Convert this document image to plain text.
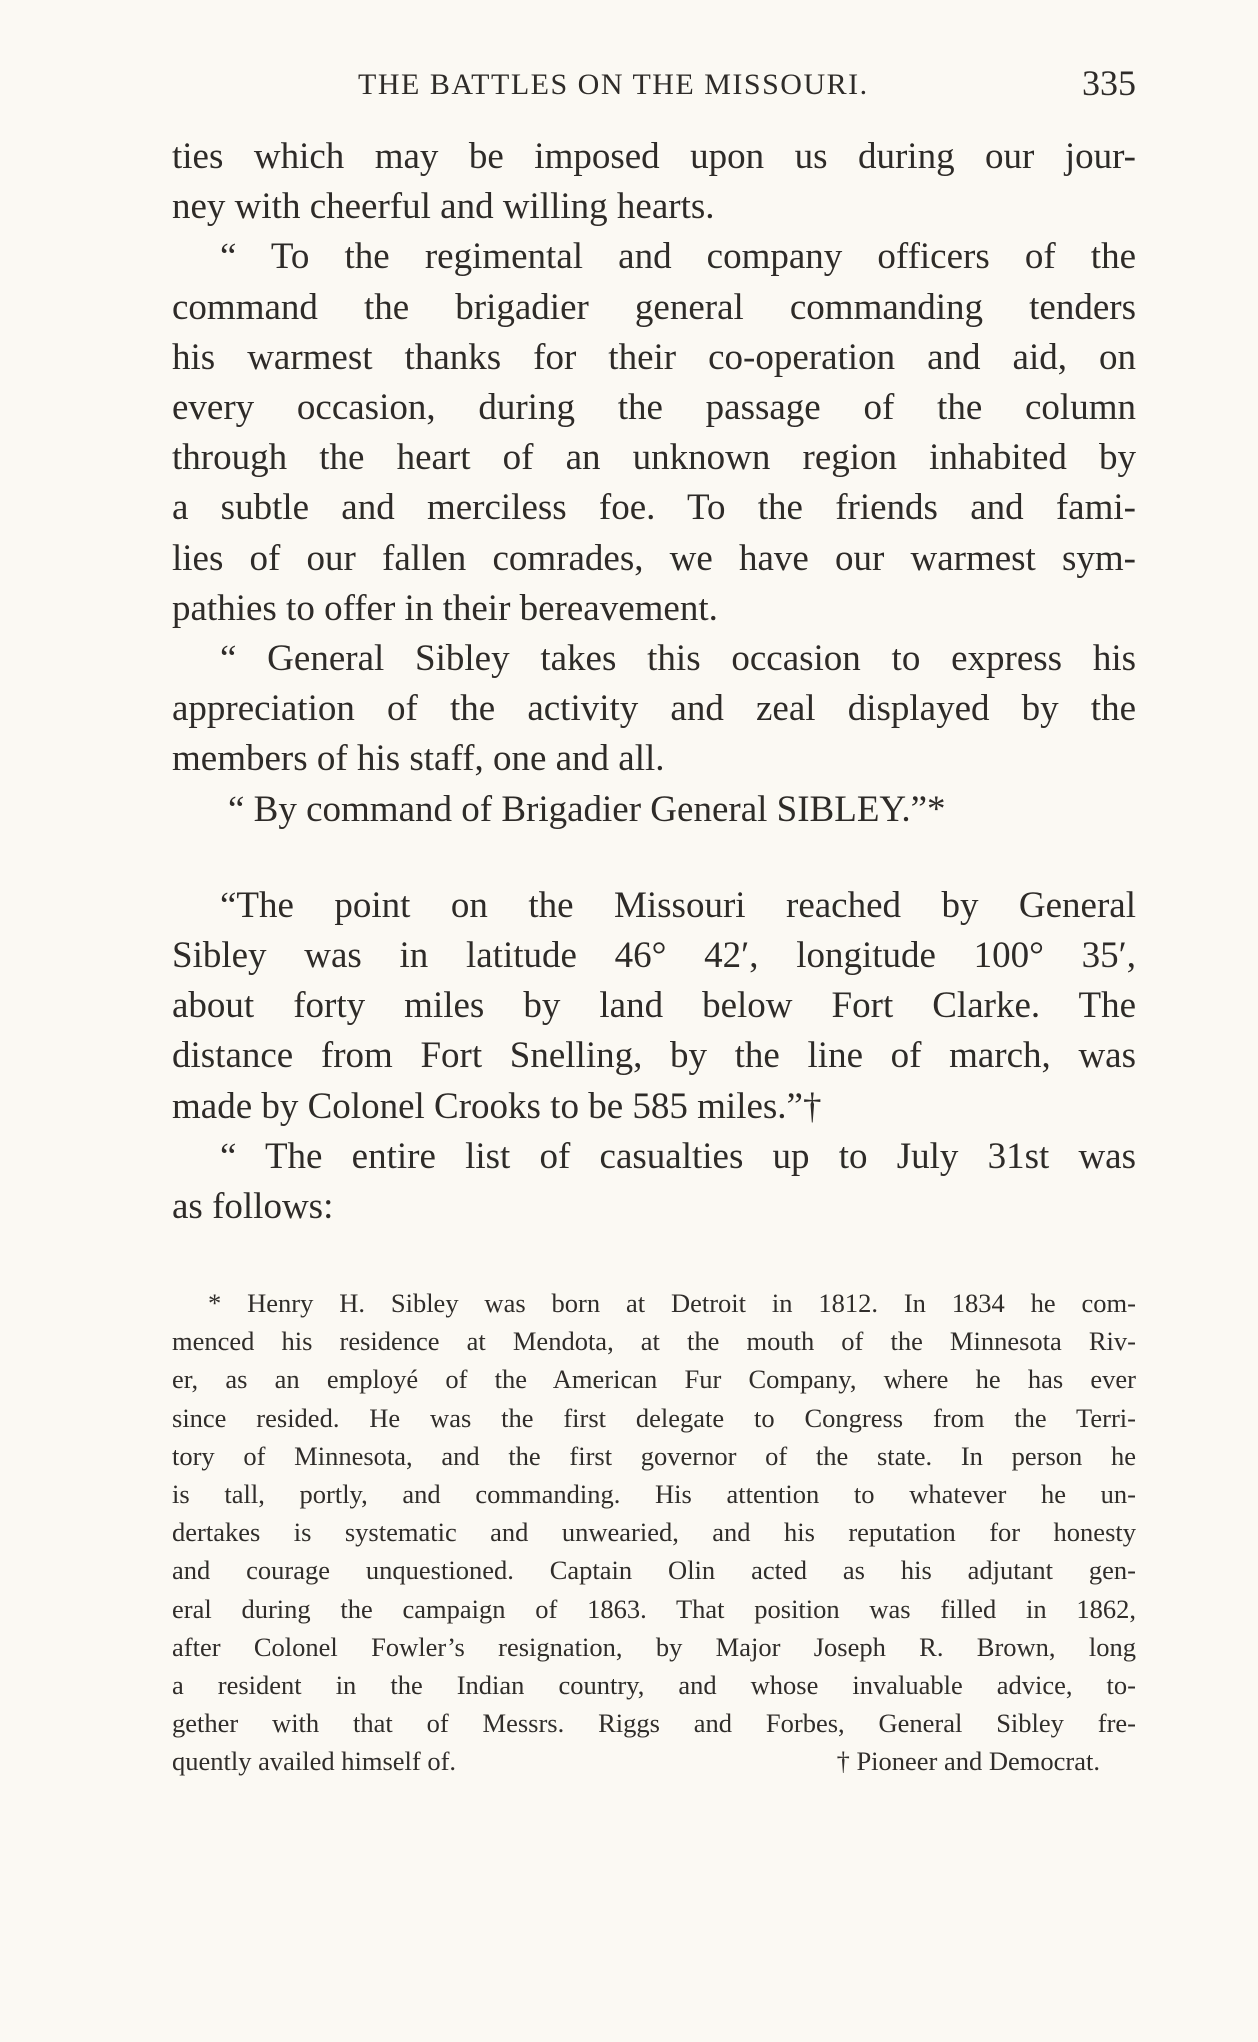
THE BATTLES ON THE MISSOURI.	335
ties which may be imposed upon us during our jour-
ney with cheerful and willing hearts.
“ To the regimental and company officers of the
command the brigadier general commanding tenders
his warmest thanks for their co-operation and aid, on
every occasion, during the passage of the column
through the heart of an unknown region inhabited by
a subtle and merciless foe. To the friends and fami-
lies of our fallen comrades, we have our warmest sym-
pathies to offer in their bereavement.
“ General Sibley takes this occasion to express his
appreciation of the activity and zeal displayed by the
members of his staff, one and all.
“ By command of Brigadier General SIBLEY.”*
“The point on the Missouri reached by General
Sibley was in latitude 46° 42′, longitude 100° 35′,
about forty miles by land below Fort Clarke. The
distance from Fort Snelling, by the line of march, was
made by Colonel Crooks to be 585 miles.”†
“ The entire list of casualties up to July 31st was
as follows:
* Henry H. Sibley was born at Detroit in 1812. In 1834 he com-
menced his residence at Mendota, at the mouth of the Minnesota Riv-
er, as an employé of the American Fur Company, where he has ever
since resided. He was the first delegate to Congress from the Terri-
tory of Minnesota, and the first governor of the state. In person he
is tall, portly, and commanding. His attention to whatever he un-
dertakes is systematic and unwearied, and his reputation for honesty
and courage unquestioned. Captain Olin acted as his adjutant gen-
eral during the campaign of 1863. That position was filled in 1862,
after Colonel Fowler’s resignation, by Major Joseph R. Brown, long
a resident in the Indian country, and whose invaluable advice, to-
gether with that of Messrs. Riggs and Forbes, General Sibley fre-
quently availed himself of.	† Pioneer and Democrat.
